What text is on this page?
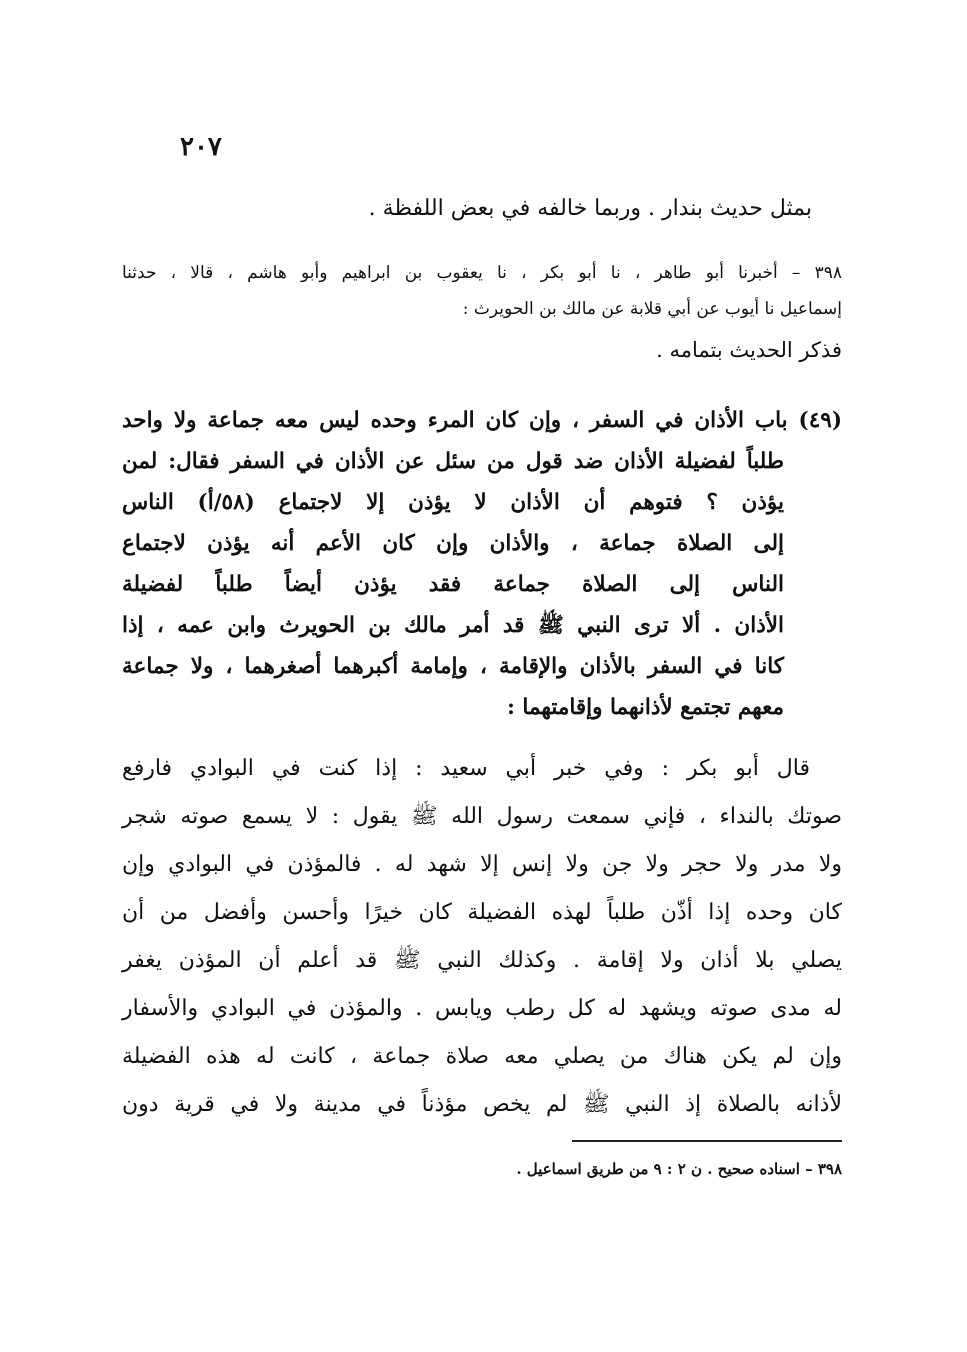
٢٠٧
بمثل حديث بندار . وربما خالفه في بعض اللفظة .
٣٩٨ – أخبرنا أبو طاهر ، نا أبو بكر ، نا يعقوب بن ابراهيم وأبو هاشم ، قالا ، حدثنا
إسماعيل نا أيوب عن أبي قلابة عن مالك بن الحويرث :
فذكر الحديث بتمامه .
(٤٩) باب الأذان في السفر ، وإن كان المرء وحده ليس معه جماعة ولا واحد
طلباً لفضيلة الأذان ضد قول من سئل عن الأذان في السفر فقال: لمن
يؤذن ؟ فتوهم أن الأذان لا يؤذن إلا لاجتماع (٥٨/أ) الناس
إلى الصلاة جماعة ، والأذان وإن كان الأعم أنه يؤذن لاجتماع
الناس إلى الصلاة جماعة فقد يؤذن أيضاً طلباً لفضيلة
الأذان . ألا ترى النبي ﷺ قد أمر مالك بن الحويرث وابن عمه ، إذا
كانا في السفر بالأذان والإقامة ، وإمامة أكبرهما أصغرهما ، ولا جماعة
معهم تجتمع لأذانهما وإقامتهما :
قال أبو بكر : وفي خبر أبي سعيد : إذا كنت في البوادي فارفع
صوتك بالنداء ، فإني سمعت رسول الله ﷺ يقول : لا يسمع صوته شجر
ولا مدر ولا حجر ولا جن ولا إنس إلا شهد له . فالمؤذن في البوادي وإن
كان وحده إذا أذّن طلباً لهذه الفضيلة كان خيرًا وأحسن وأفضل من أن
يصلي بلا أذان ولا إقامة . وكذلك النبي ﷺ قد أعلم أن المؤذن يغفر
له مدى صوته ويشهد له كل رطب ويابس . والمؤذن في البوادي والأسفار
وإن لم يكن هناك من يصلي معه صلاة جماعة ، كانت له هذه الفضيلة
لأذانه بالصلاة إذ النبي ﷺ لم يخص مؤذناً في مدينة ولا في قرية دون
٣٩٨ – اسناده صحيح . ن ٢ : ٩ من طريق اسماعيل .
